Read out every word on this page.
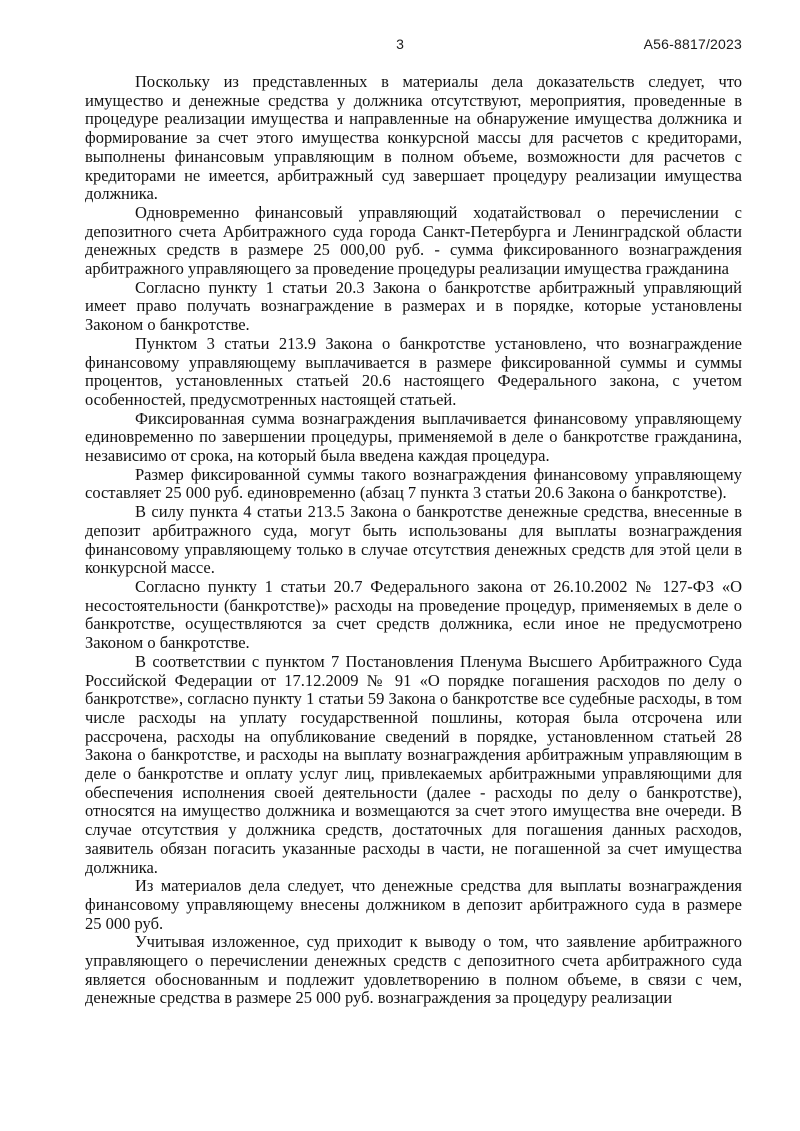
3	А56-8817/2023

Поскольку из представленных в материалы дела доказательств следует, что имущество и денежные средства у должника отсутствуют, мероприятия, проведенные в процедуре реализации имущества и направленные на обнаружение имущества должника и формирование за счет этого имущества конкурсной массы для расчетов с кредиторами, выполнены финансовым управляющим в полном объеме, возможности для расчетов с кредиторами не имеется, арбитражный суд завершает процедуру реализации имущества должника.

Одновременно финансовый управляющий ходатайствовал о перечислении с депозитного счета Арбитражного суда города Санкт-Петербурга и Ленинградской области денежных средств в размере 25 000,00 руб. - сумма фиксированного вознаграждения арбитражного управляющего за проведение процедуры реализации имущества гражданина

Согласно пункту 1 статьи 20.3 Закона о банкротстве арбитражный управляющий имеет право получать вознаграждение в размерах и в порядке, которые установлены Законом о банкротстве.

Пунктом 3 статьи 213.9 Закона о банкротстве установлено, что вознаграждение финансовому управляющему выплачивается в размере фиксированной суммы и суммы процентов, установленных статьей 20.6 настоящего Федерального закона, с учетом особенностей, предусмотренных настоящей статьей.

Фиксированная сумма вознаграждения выплачивается финансовому управляющему единовременно по завершении процедуры, применяемой в деле о банкротстве гражданина, независимо от срока, на который была введена каждая процедура.

Размер фиксированной суммы такого вознаграждения финансовому управляющему составляет 25 000 руб. единовременно (абзац 7 пункта 3 статьи 20.6 Закона о банкротстве).

В силу пункта 4 статьи 213.5 Закона о банкротстве денежные средства, внесенные в депозит арбитражного суда, могут быть использованы для выплаты вознаграждения финансовому управляющему только в случае отсутствия денежных средств для этой цели в конкурсной массе.

Согласно пункту 1 статьи 20.7 Федерального закона от 26.10.2002 № 127-ФЗ «О несостоятельности (банкротстве)» расходы на проведение процедур, применяемых в деле о банкротстве, осуществляются за счет средств должника, если иное не предусмотрено Законом о банкротстве.

В соответствии с пунктом 7 Постановления Пленума Высшего Арбитражного Суда Российской Федерации от 17.12.2009 № 91 «О порядке погашения расходов по делу о банкротстве», согласно пункту 1 статьи 59 Закона о банкротстве все судебные расходы, в том числе расходы на уплату государственной пошлины, которая была отсрочена или рассрочена, расходы на опубликование сведений в порядке, установленном статьей 28 Закона о банкротстве, и расходы на выплату вознаграждения арбитражным управляющим в деле о банкротстве и оплату услуг лиц, привлекаемых арбитражными управляющими для обеспечения исполнения своей деятельности (далее - расходы по делу о банкротстве), относятся на имущество должника и возмещаются за счет этого имущества вне очереди. В случае отсутствия у должника средств, достаточных для погашения данных расходов, заявитель обязан погасить указанные расходы в части, не погашенной за счет имущества должника.

Из материалов дела следует, что денежные средства для выплаты вознаграждения финансовому управляющему внесены должником в депозит арбитражного суда в размере 25 000 руб.

Учитывая изложенное, суд приходит к выводу о том, что заявление арбитражного управляющего о перечислении денежных средств с депозитного счета арбитражного суда является обоснованным и подлежит удовлетворению в полном объеме, в связи с чем, денежные средства в размере 25 000 руб. вознаграждения за процедуру реализации
